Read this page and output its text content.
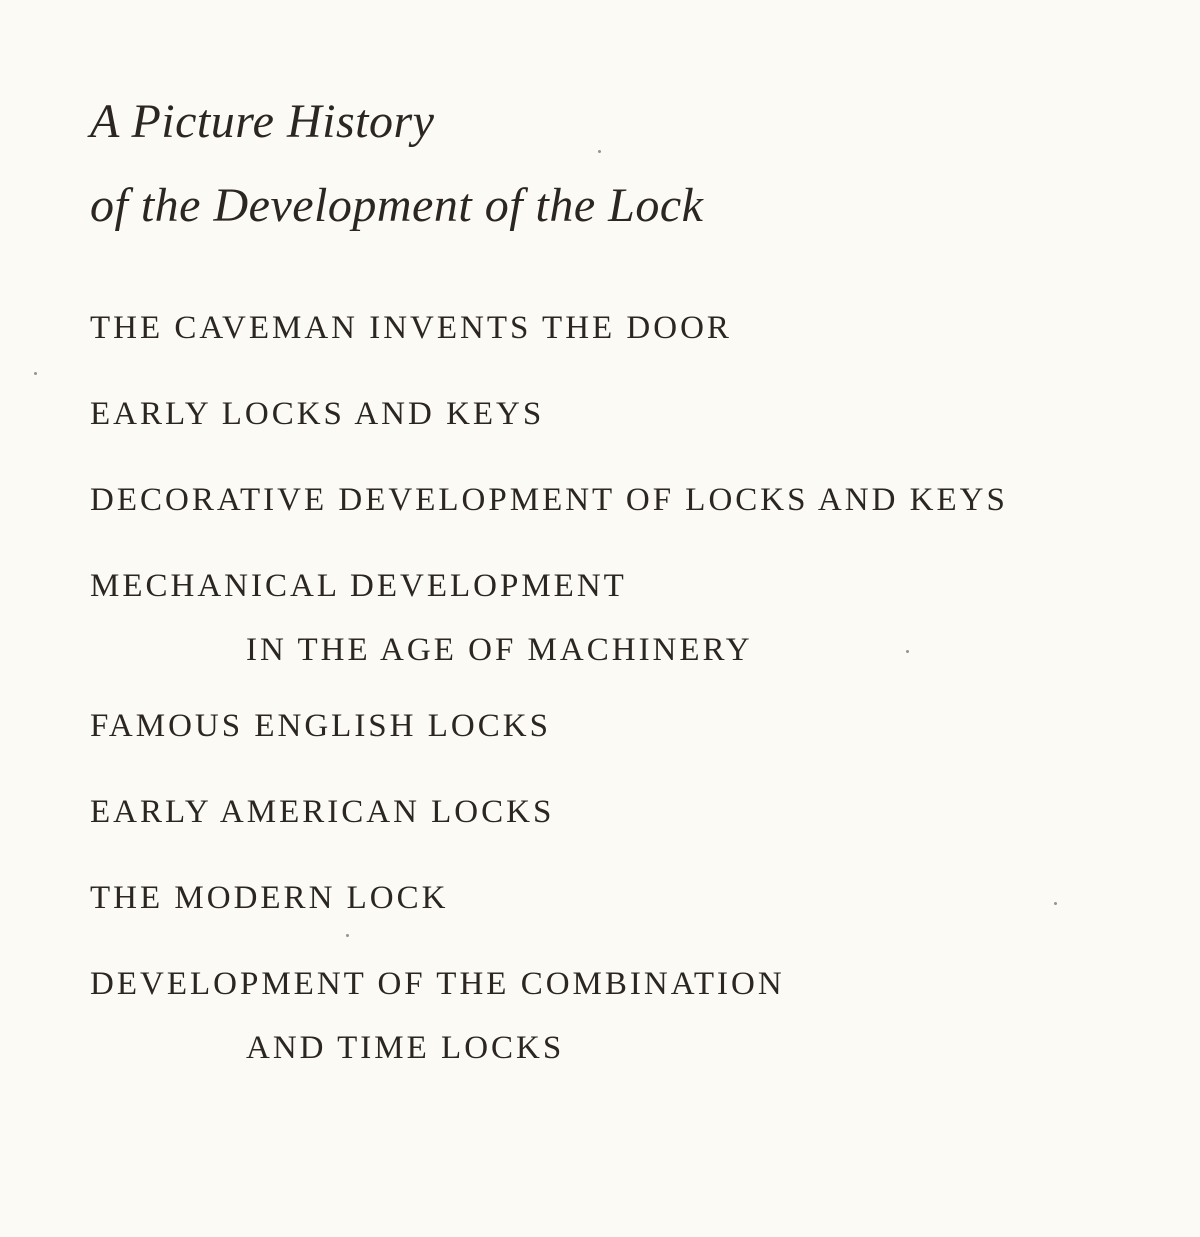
A Picture History
of the Development of the Lock
THE CAVEMAN INVENTS THE DOOR
EARLY LOCKS AND KEYS
DECORATIVE DEVELOPMENT OF LOCKS AND KEYS
MECHANICAL DEVELOPMENT
IN THE AGE OF MACHINERY
FAMOUS ENGLISH LOCKS
EARLY AMERICAN LOCKS
THE MODERN LOCK
DEVELOPMENT OF THE COMBINATION
AND TIME LOCKS
